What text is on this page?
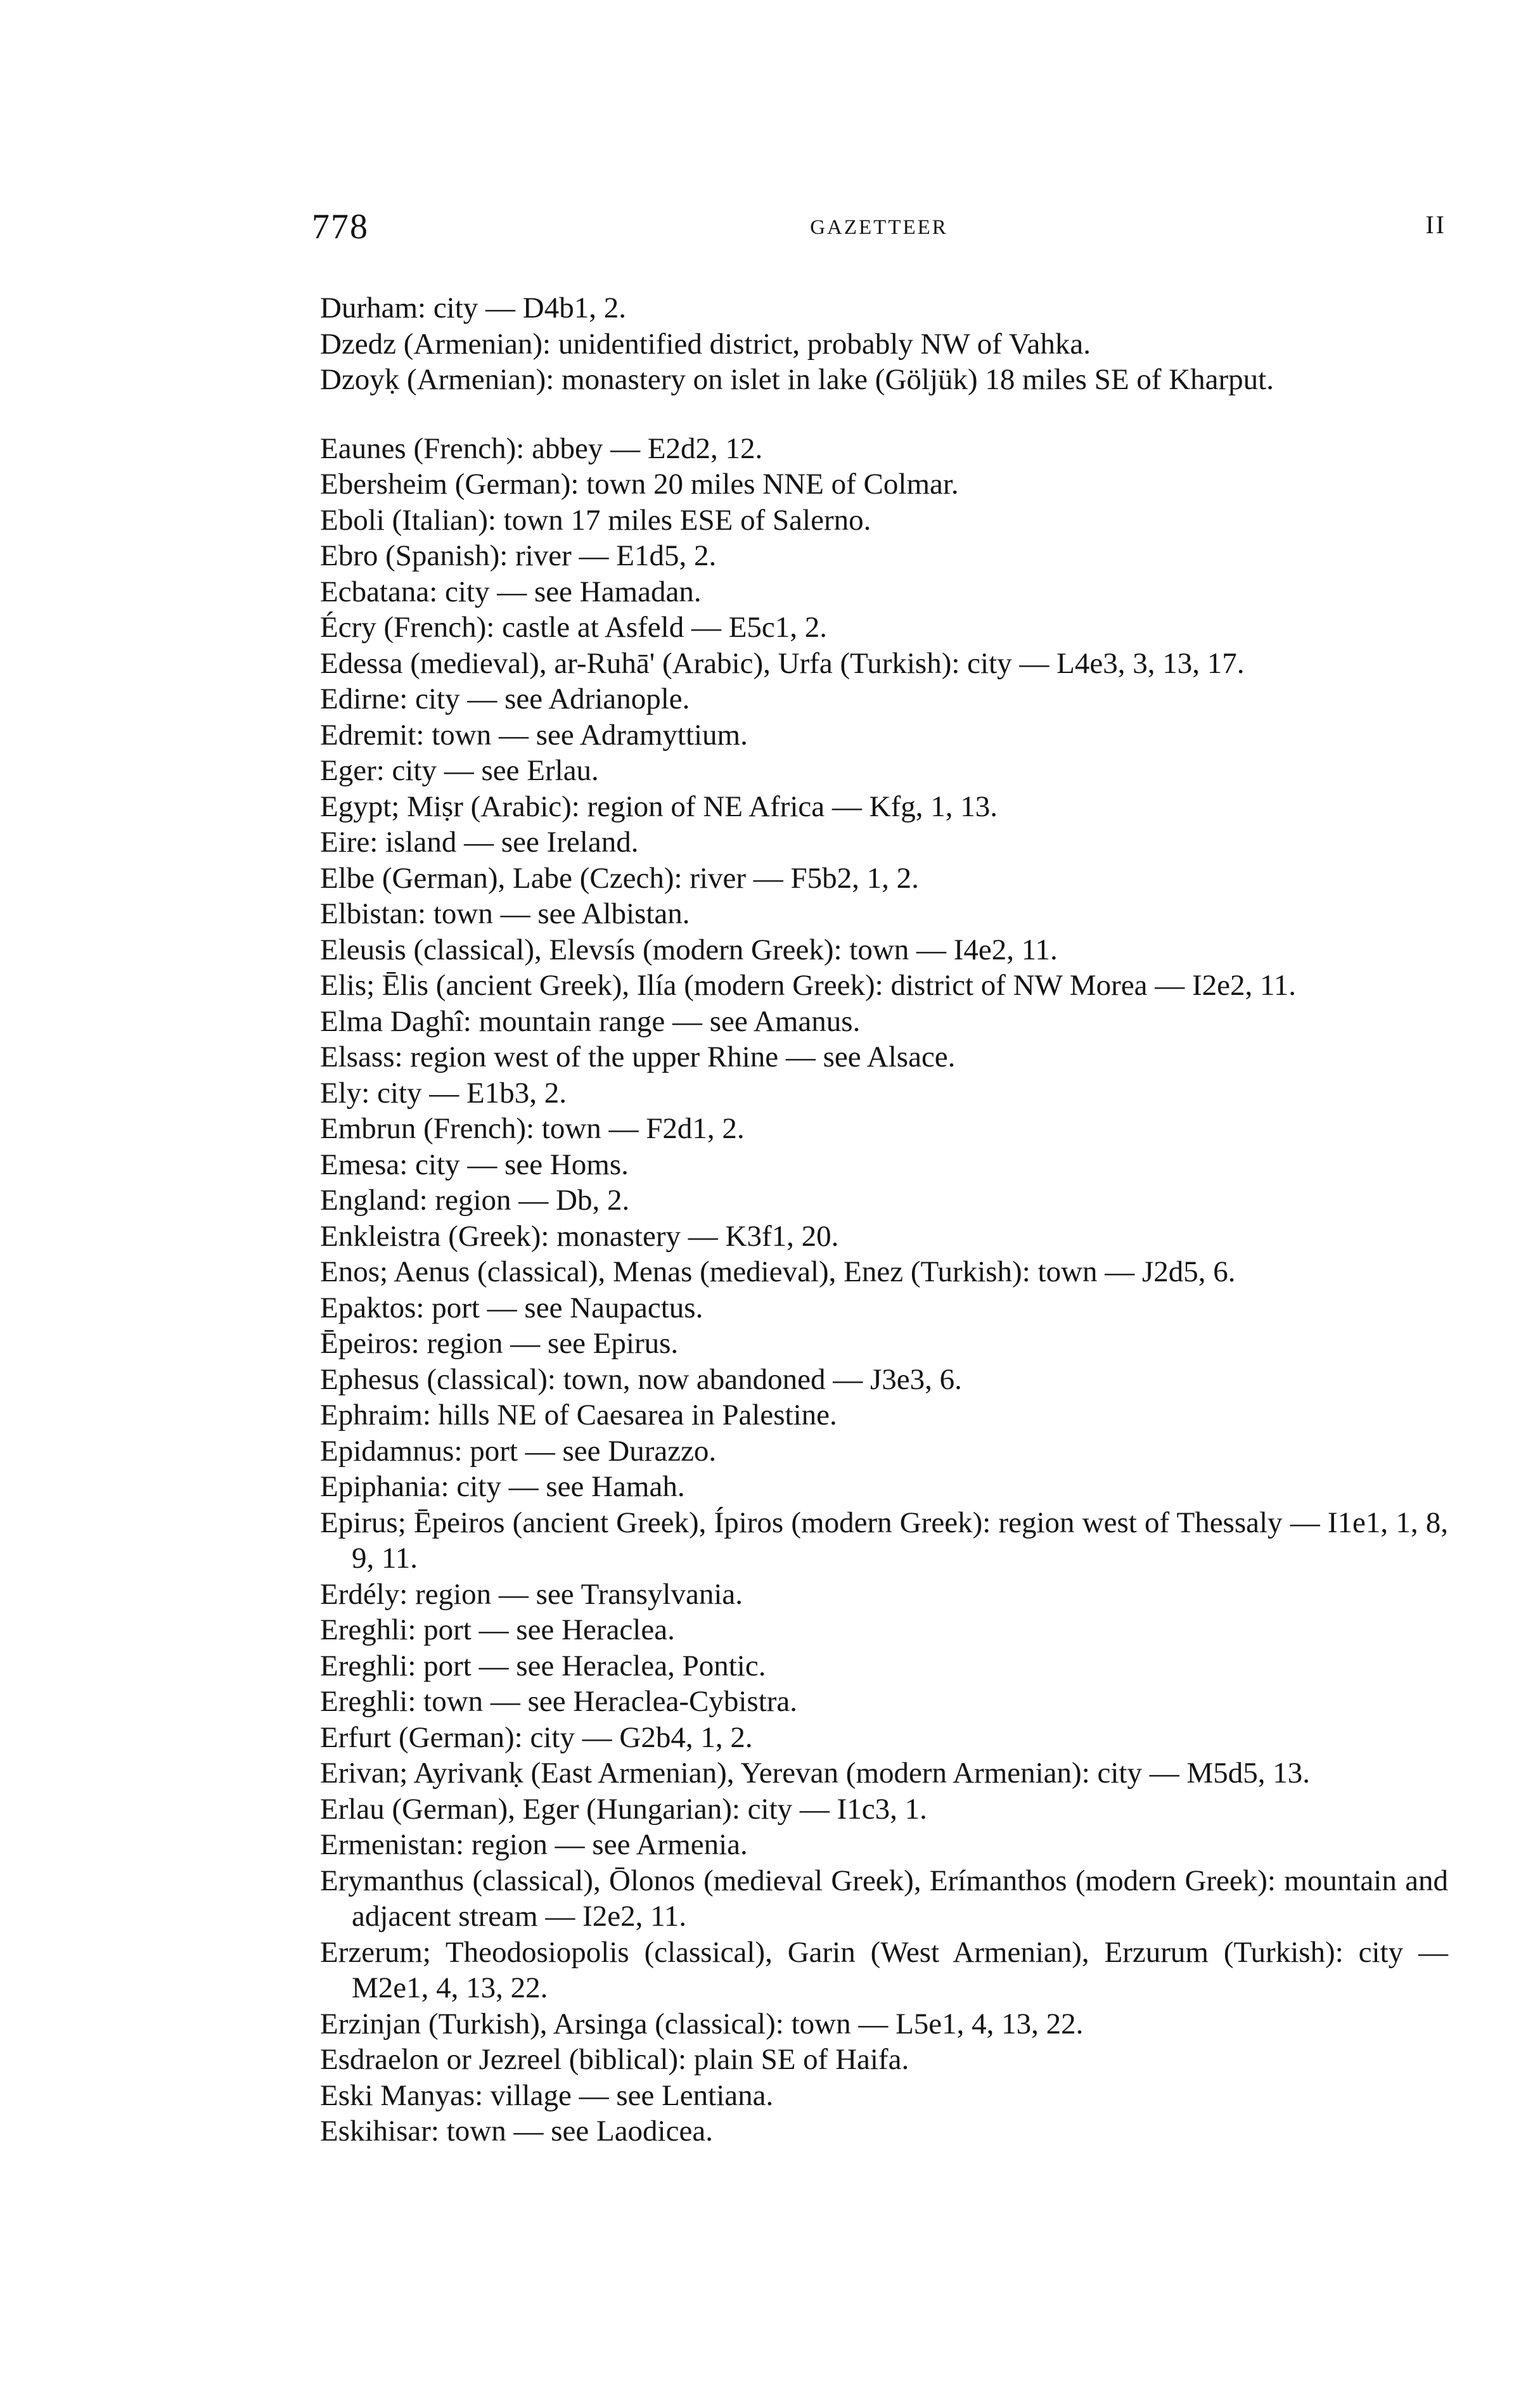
778	GAZETTEER	II

Durham: city — D4b1, 2.

Dzedz (Armenian): unidentified district, probably NW of Vahka.

Dzoyḳ (Armenian): monastery on islet in lake (Göljük) 18 miles SE of Kharput.

Eaunes (French): abbey — E2d2, 12.

Ebersheim (German): town 20 miles NNE of Colmar.

Eboli (Italian): town 17 miles ESE of Salerno.

Ebro (Spanish): river — E1d5, 2.

Ecbatana: city — see Hamadan.

Écry (French): castle at Asfeld — E5c1, 2.

Edessa (medieval), ar-Ruhā' (Arabic), Urfa (Turkish): city — L4e3, 3, 13, 17.

Edirne: city — see Adrianople.

Edremit: town — see Adramyttium.

Eger: city — see Erlau.

Egypt; Miṣr (Arabic): region of NE Africa — Kfg, 1, 13.

Eire: island — see Ireland.

Elbe (German), Labe (Czech): river — F5b2, 1, 2.

Elbistan: town — see Albistan.

Eleusis (classical), Elevsís (modern Greek): town — I4e2, 11.

Elis; Ēlis (ancient Greek), Ilía (modern Greek): district of NW Morea — I2e2, 11.

Elma Daghî: mountain range — see Amanus.

Elsass: region west of the upper Rhine — see Alsace.

Ely: city — E1b3, 2.

Embrun (French): town — F2d1, 2.

Emesa: city — see Homs.

England: region — Db, 2.

Enkleistra (Greek): monastery — K3f1, 20.

Enos; Aenus (classical), Menas (medieval), Enez (Turkish): town — J2d5, 6.

Epaktos: port — see Naupactus.

Ēpeiros: region — see Epirus.

Ephesus (classical): town, now abandoned — J3e3, 6.

Ephraim: hills NE of Caesarea in Palestine.

Epidamnus: port — see Durazzo.

Epiphania: city — see Hamah.

Epirus; Ēpeiros (ancient Greek), Ípiros (modern Greek): region west of Thessaly — I1e1, 1, 8, 9, 11.

Erdély: region — see Transylvania.

Ereghli: port — see Heraclea.

Ereghli: port — see Heraclea, Pontic.

Ereghli: town — see Heraclea-Cybistra.

Erfurt (German): city — G2b4, 1, 2.

Erivan; Ayrivanḳ (East Armenian), Yerevan (modern Armenian): city — M5d5, 13.

Erlau (German), Eger (Hungarian): city — I1c3, 1.

Ermenistan: region — see Armenia.

Erymanthus (classical), Ōlonos (medieval Greek), Erímanthos (modern Greek): mountain and adjacent stream — I2e2, 11.

Erzerum; Theodosiopolis (classical), Garin (West Armenian), Erzurum (Turkish): city — M2e1, 4, 13, 22.

Erzinjan (Turkish), Arsinga (classical): town — L5e1, 4, 13, 22.

Esdraelon or Jezreel (biblical): plain SE of Haifa.

Eski Manyas: village — see Lentiana.

Eskihisar: town — see Laodicea.
